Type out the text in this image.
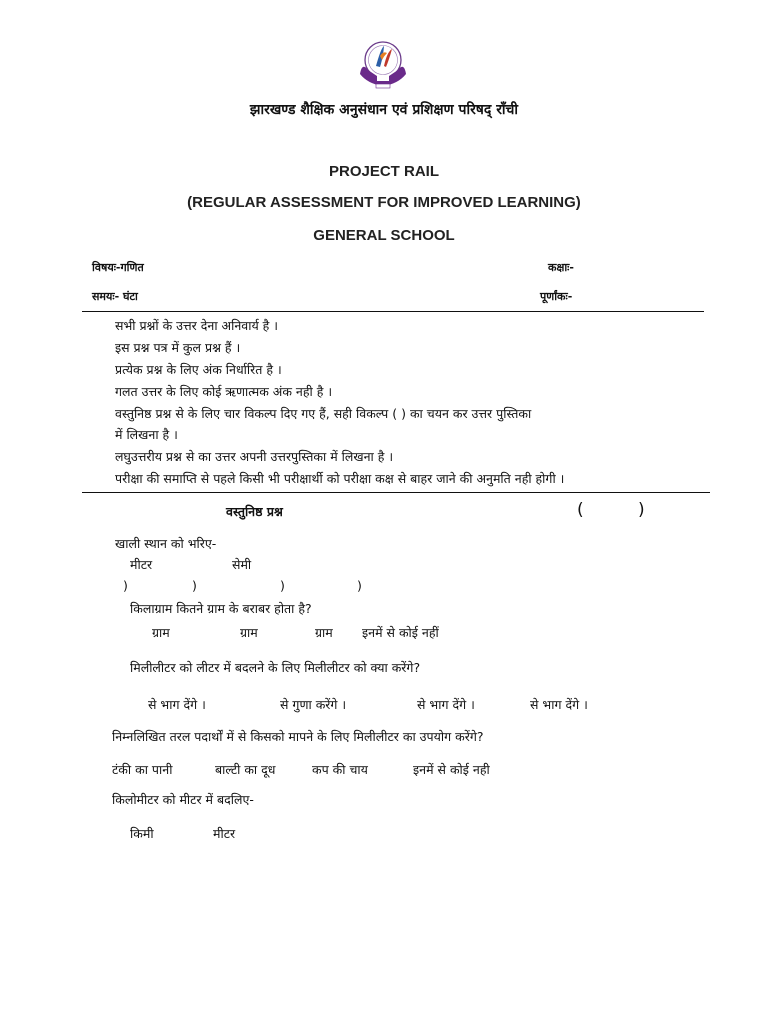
झारखण्ड शैक्षिक अनुसंधान एवं प्रशिक्षण परिषद् राँची
PROJECT RAIL
(REGULAR ASSESSMENT FOR IMPROVED LEARNING)
GENERAL SCHOOL
विषयः-गणित	कक्षाः-
समयः- घंटा	पूर्णांकः-
सभी प्रश्नों के उत्तर देना अनिवार्य है ।
इस प्रश्न पत्र में कुल प्रश्न हैं ।
प्रत्येक प्रश्न के लिए अंक निर्धारित है ।
गलत उत्तर के लिए कोई ऋणात्मक अंक नही है ।
वस्तुनिष्ठ प्रश्न से के लिए चार विकल्प दिए गए हैं, सही विकल्प ( ) का चयन कर उत्तर पुस्तिका
में लिखना है ।
लघुउत्तरीय प्रश्न से का उत्तर अपनी उत्तरपुस्तिका में लिखना है ।
परीक्षा की समाप्ति से पहले किसी भी परीक्षार्थी को परीक्षा कक्ष से बाहर जाने की अनुमति नही होगी ।
वस्तुनिष्ठ प्रश्न	(	)
खाली स्थान को भरिए-
मीटर	सेमी
)	)	)	)
किलाग्राम कितने ग्राम के बराबर होता है?
ग्राम	ग्राम	ग्राम इनमें से कोई नहीं
मिलीलीटर को लीटर में बदलने के लिए मिलीलीटर को क्या करेंगे?
से भाग देंगे ।	से गुणा करेंगे ।	से भाग देंगे ।	से भाग देंगे ।
निम्नलिखित तरल पदार्थों में से किसको मापने के लिए मिलीलीटर का उपयोग करेंगे?
टंकी का पानी	बाल्टी का दूध	कप की चाय	इनमें से कोई नही
किलोमीटर को मीटर में बदलिए-
किमी	मीटर
